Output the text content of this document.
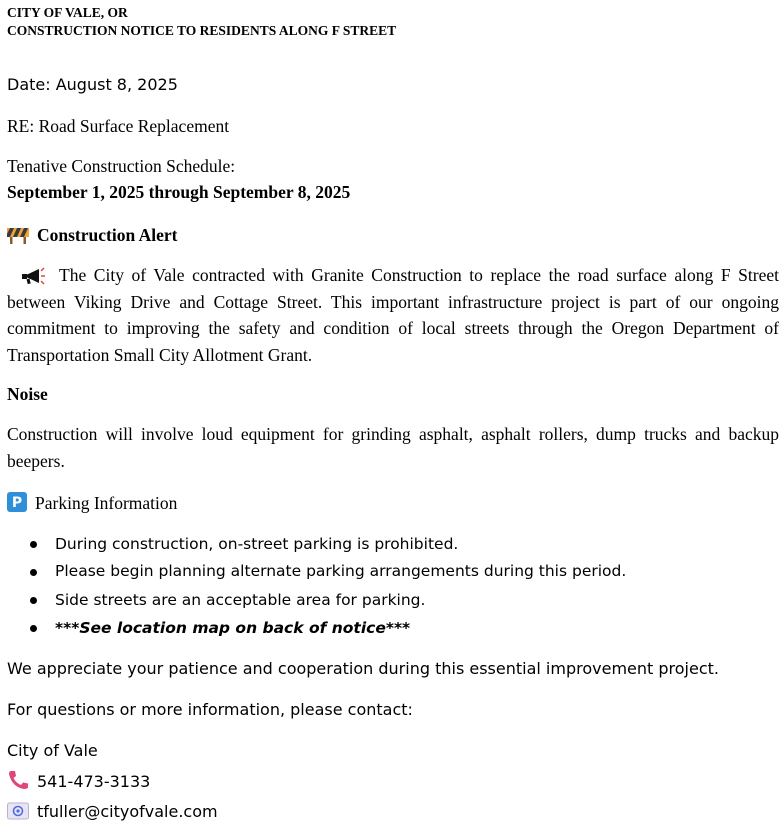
CITY OF VALE, OR
CONSTRUCTION NOTICE TO RESIDENTS ALONG F STREET
Date: August 8, 2025
RE: Road Surface Replacement
Tenative Construction Schedule:
September 1, 2025 through September 8, 2025
Construction Alert
The City of Vale contracted with Granite Construction to replace the road surface along F Street between Viking Drive and Cottage Street. This important infrastructure project is part of our ongoing commitment to improving the safety and condition of local streets through the Oregon Department of Transportation Small City Allotment Grant.
Noise
Construction will involve loud equipment for grinding asphalt, asphalt rollers, dump trucks and backup beepers.
P Parking Information
During construction, on-street parking is prohibited.
Please begin planning alternate parking arrangements during this period.
Side streets are an acceptable area for parking.
***See location map on back of notice***
We appreciate your patience and cooperation during this essential improvement project.
For questions or more information, please contact:
City of Vale
541-473-3133
tfuller@cityofvale.com
